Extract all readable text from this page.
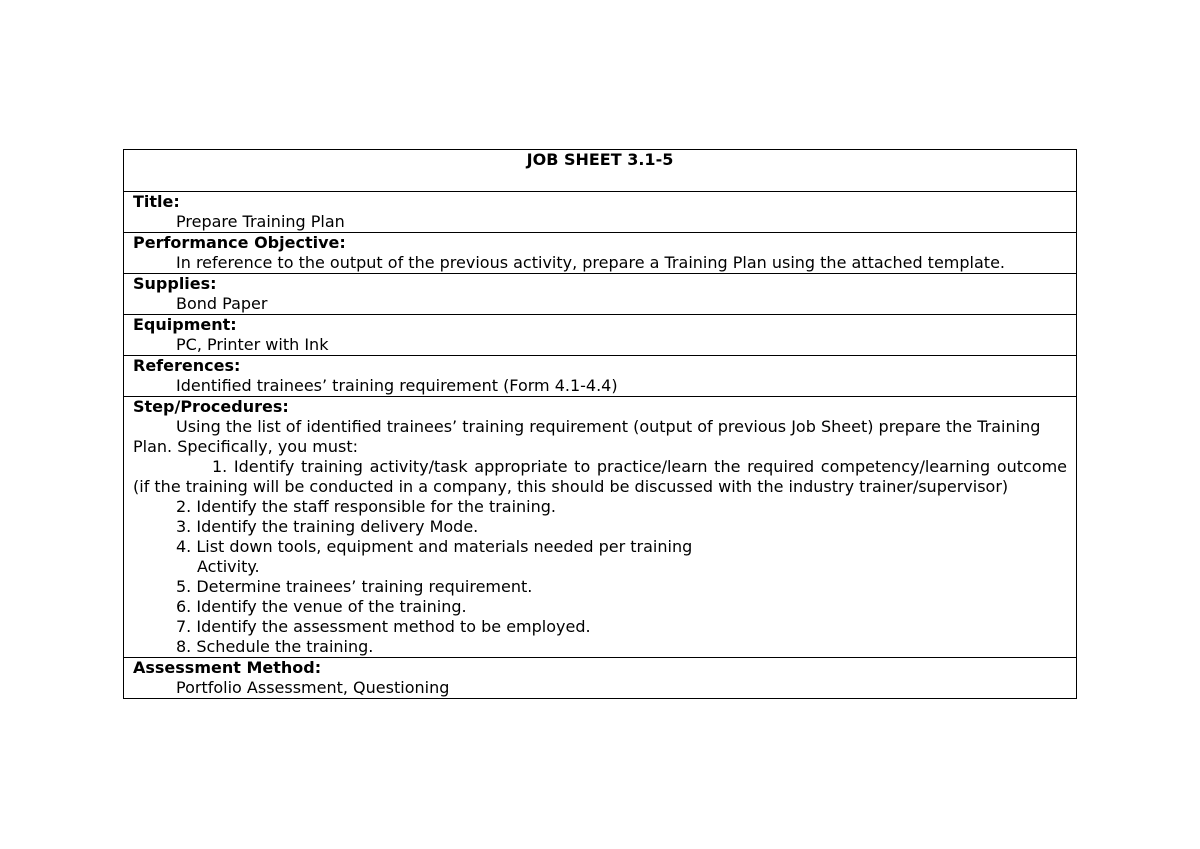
JOB SHEET 3.1-5

Title:
Prepare Training Plan

Performance Objective:
In reference to the output of the previous activity, prepare a Training Plan using the attached template.

Supplies:
Bond Paper

Equipment:
PC, Printer with Ink

References:
Identified trainees’ training requirement (Form 4.1-4.4)

Step/Procedures:
Using the list of identified trainees’ training requirement (output of previous Job Sheet) prepare the Training Plan. Specifically, you must:
1. Identify training activity/task appropriate to practice/learn the required competency/learning outcome (if the training will be conducted in a company, this should be discussed with the industry trainer/supervisor)
2. Identify the staff responsible for the training.
3. Identify the training delivery Mode.
4. List down tools, equipment and materials needed per training
Activity.
5. Determine trainees’ training requirement.
6. Identify the venue of the training.
7. Identify the assessment method to be employed.
8. Schedule the training.

Assessment Method:
Portfolio Assessment, Questioning
